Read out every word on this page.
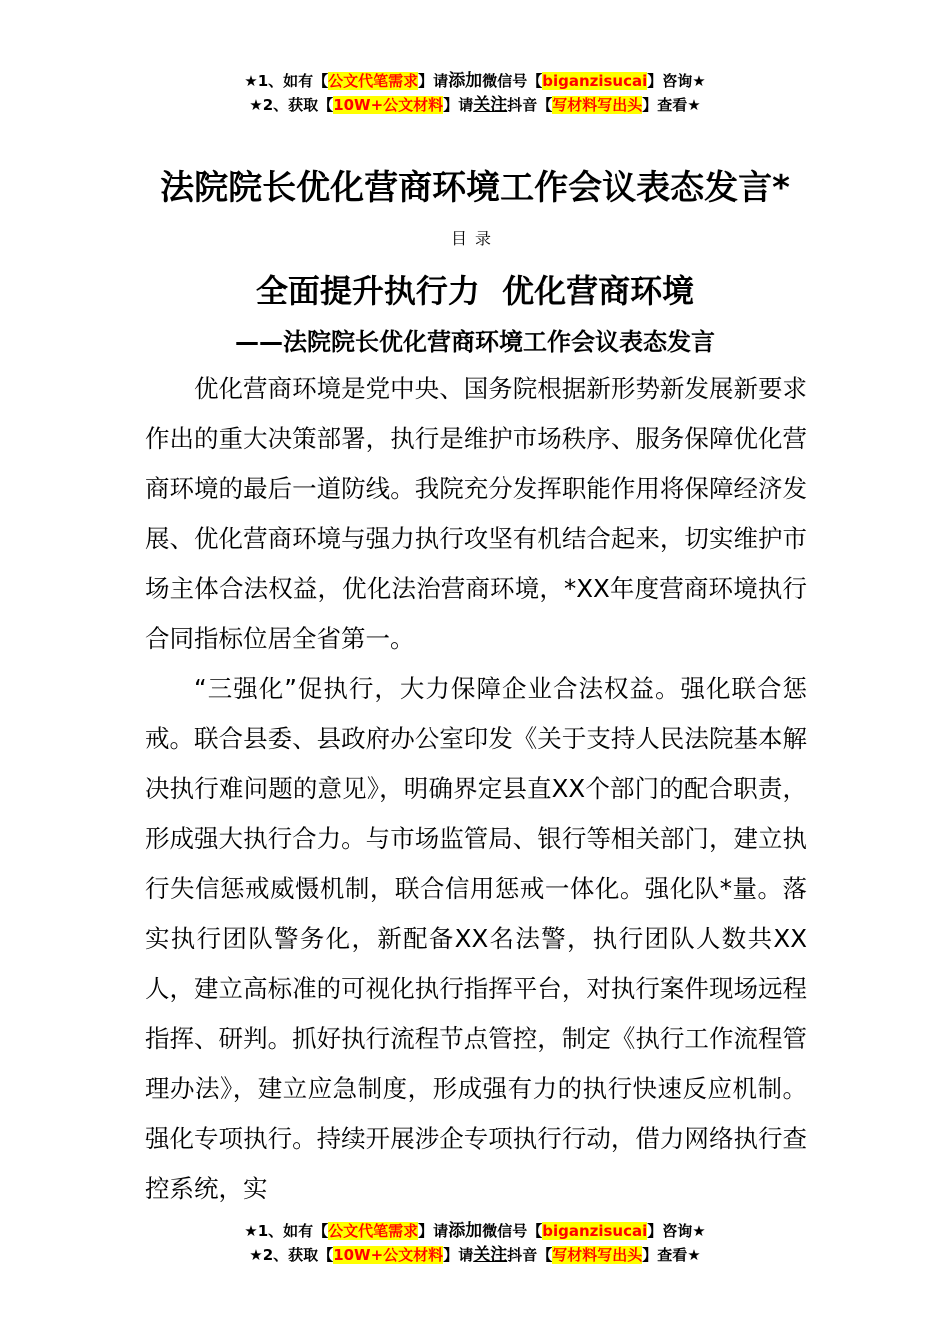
★1、如有【公文代笔需求】请添加微信号【biganzisucai】咨询★
★2、获取【10W+公文材料】请关注抖音【写材料写出头】查看★
法院院长优化营商环境工作会议表态发言*
目录
全面提升执行力  优化营商环境
——法院院长优化营商环境工作会议表态发言

优化营商环境是党中央、国务院根据新形势新发展新要求作出的重大决策部署，执行是维护市场秩序、服务保障优化营商环境的最后一道防线。我院充分发挥职能作用将保障经济发展、优化营商环境与强力执行攻坚有机结合起来，切实维护市场主体合法权益，优化法治营商环境，*XX年度营商环境执行合同指标位居全省第一。

“三强化”促执行，大力保障企业合法权益。强化联合惩戒。联合县委、县政府办公室印发《关于支持人民法院基本解决执行难问题的意见》，明确界定县直XX个部门的配合职责，形成强大执行合力。与市场监管局、银行等相关部门，建立执行失信惩戒威慑机制，联合信用惩戒一体化。强化队*量。落实执行团队警务化，新配备XX名法警，执行团队人数共XX人，建立高标准的可视化执行指挥平台，对执行案件现场远程指挥、研判。抓好执行流程节点管控，制定《执行工作流程管理办法》，建立应急制度，形成强有力的执行快速反应机制。强化专项执行。持续开展涉企专项执行行动，借力网络执行查控系统，实

★1、如有【公文代笔需求】请添加微信号【biganzisucai】咨询★
★2、获取【10W+公文材料】请关注抖音【写材料写出头】查看★
